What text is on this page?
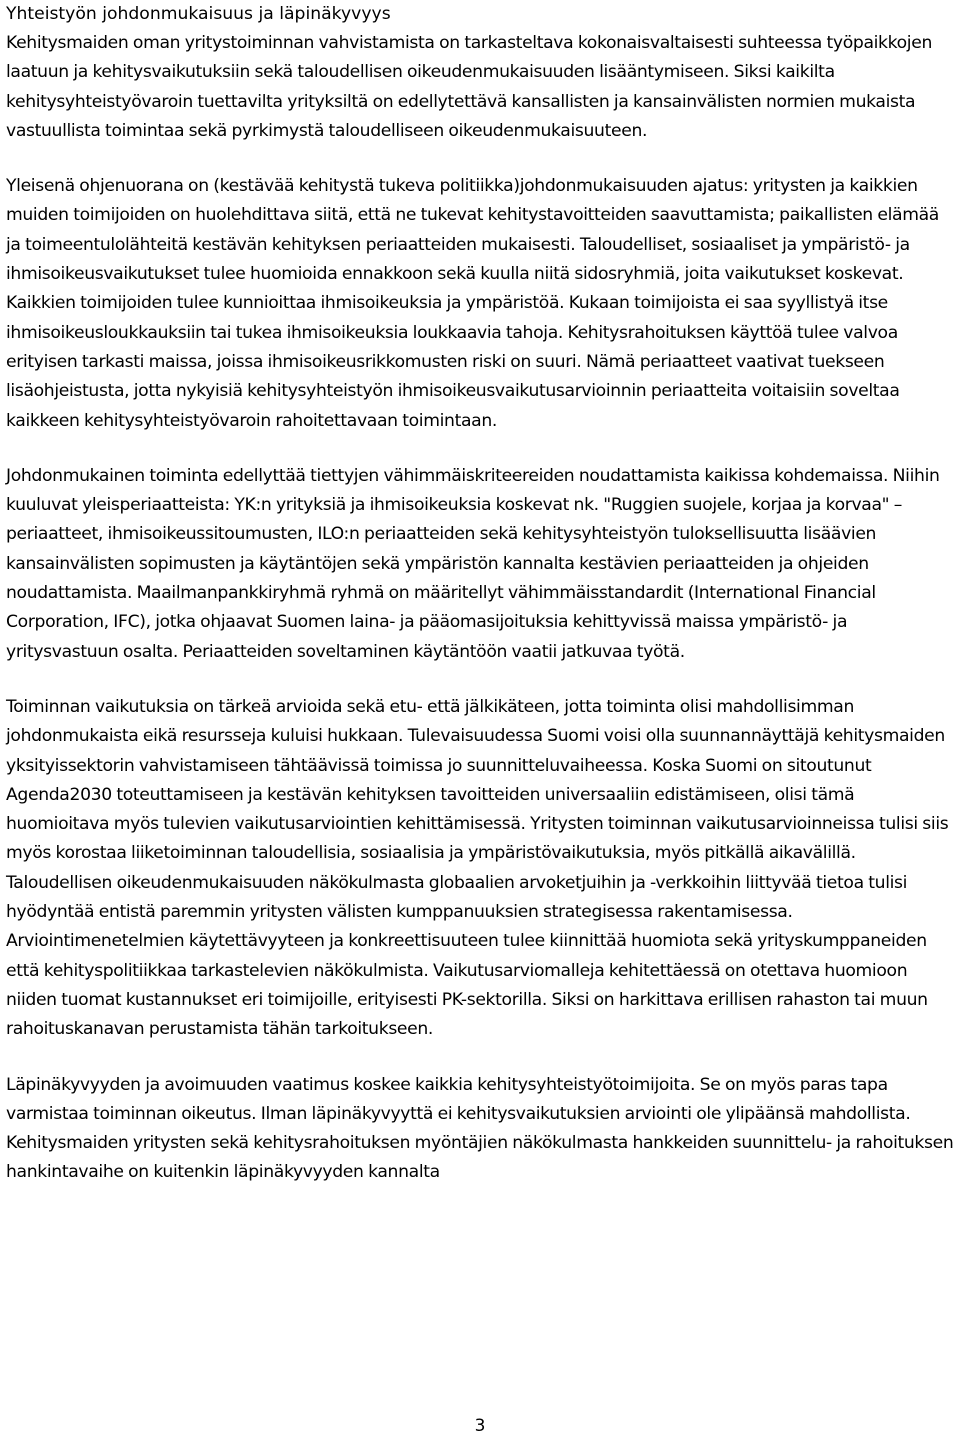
Yhteistyön johdonmukaisuus ja läpinäkyvyys

Kehitysmaiden oman yritystoiminnan vahvistamista on tarkasteltava kokonaisvaltaisesti suhteessa työpaikkojen laatuun ja kehitysvaikutuksiin sekä taloudellisen oikeudenmukaisuuden lisääntymiseen. Siksi kaikilta kehitysyhteistyövaroin tuettavilta yrityksiltä on edellytettävä kansallisten ja kansainvälisten normien mukaista vastuullista toimintaa sekä pyrkimystä taloudelliseen oikeudenmukaisuuteen.

Yleisenä ohjenuorana on (kestävää kehitystä tukeva politiikka)johdonmukaisuuden ajatus: yritysten ja kaikkien muiden toimijoiden on huolehdittava siitä, että ne tukevat kehitystavoitteiden saavuttamista; paikallisten elämää ja toimeentulolähteitä kestävän kehityksen periaatteiden mukaisesti. Taloudelliset, sosiaaliset ja ympäristö- ja ihmisoikeusvaikutukset tulee huomioida ennakkoon sekä kuulla niitä sidosryhmiä, joita vaikutukset koskevat. Kaikkien toimijoiden tulee kunnioittaa ihmisoikeuksia ja ympäristöä. Kukaan toimijoista ei saa syyllistyä itse ihmisoikeusloukkauksiin tai tukea ihmisoikeuksia loukkaavia tahoja. Kehitysrahoituksen käyttöä tulee valvoa erityisen tarkasti maissa, joissa ihmisoikeusrikkomusten riski on suuri. Nämä periaatteet vaativat tuekseen lisäohjeistusta, jotta nykyisiä kehitysyhteistyön ihmisoikeusvaikutusarvioinnin periaatteita voitaisiin soveltaa kaikkeen kehitysyhteistyövaroin rahoitettavaan toimintaan.

Johdonmukainen toiminta edellyttää tiettyjen vähimmäiskriteereiden noudattamista kaikissa kohdemaissa. Niihin kuuluvat yleisperiaatteista: YK:n yrityksiä ja ihmisoikeuksia koskevat nk. "Ruggien suojele, korjaa ja korvaa" –periaatteet, ihmisoikeussitoumusten, ILO:n periaatteiden sekä kehitysyhteistyön tuloksellisuutta lisäävien kansainvälisten sopimusten ja käytäntöjen sekä ympäristön kannalta kestävien periaatteiden ja ohjeiden noudattamista. Maailmanpankkiryhmä ryhmä on määritellyt vähimmäisstandardit (International Financial Corporation, IFC), jotka ohjaavat Suomen laina- ja pääomasijoituksia kehittyvissä maissa ympäristö- ja yritysvastuun osalta. Periaatteiden soveltaminen käytäntöön vaatii jatkuvaa työtä.

Toiminnan vaikutuksia on tärkeä arvioida sekä etu- että jälkikäteen, jotta toiminta olisi mahdollisimman johdonmukaista eikä resursseja kuluisi hukkaan. Tulevaisuudessa Suomi voisi olla suunnannäyttäjä kehitysmaiden yksityissektorin vahvistamiseen tähtäävissä toimissa jo suunnitteluvaiheessa. Koska Suomi on sitoutunut Agenda2030 toteuttamiseen ja kestävän kehityksen tavoitteiden universaaliin edistämiseen, olisi tämä huomioitava myös tulevien vaikutusarviointien kehittämisessä. Yritysten toiminnan vaikutusarvioinneissa tulisi siis myös korostaa liiketoiminnan taloudellisia, sosiaalisia ja ympäristövaikutuksia, myös pitkällä aikavälillä. Taloudellisen oikeudenmukaisuuden näkökulmasta globaalien arvoketjuihin ja -verkkoihin liittyvää tietoa tulisi hyödyntää entistä paremmin yritysten välisten kumppanuuksien strategisessa rakentamisessa. Arviointimenetelmien käytettävyyteen ja konkreettisuuteen tulee kiinnittää huomiota sekä yrityskumppaneiden että kehityspolitiikkaa tarkastelevien näkökulmista. Vaikutusarviomalleja kehitettäessä on otettava huomioon niiden tuomat kustannukset eri toimijoille, erityisesti PK-sektorilla. Siksi on harkittava erillisen rahaston tai muun rahoituskanavan perustamista tähän tarkoitukseen.

Läpinäkyvyyden ja avoimuuden vaatimus koskee kaikkia kehitysyhteistyötoimijoita. Se on myös paras tapa varmistaa toiminnan oikeutus. Ilman läpinäkyvyyttä ei kehitysvaikutuksien arviointi ole ylipäänsä mahdollista. Kehitysmaiden yritysten sekä kehitysrahoituksen myöntäjien näkökulmasta hankkeiden suunnittelu- ja rahoituksen hankintavaihe on kuitenkin läpinäkyvyyden kannalta

3
